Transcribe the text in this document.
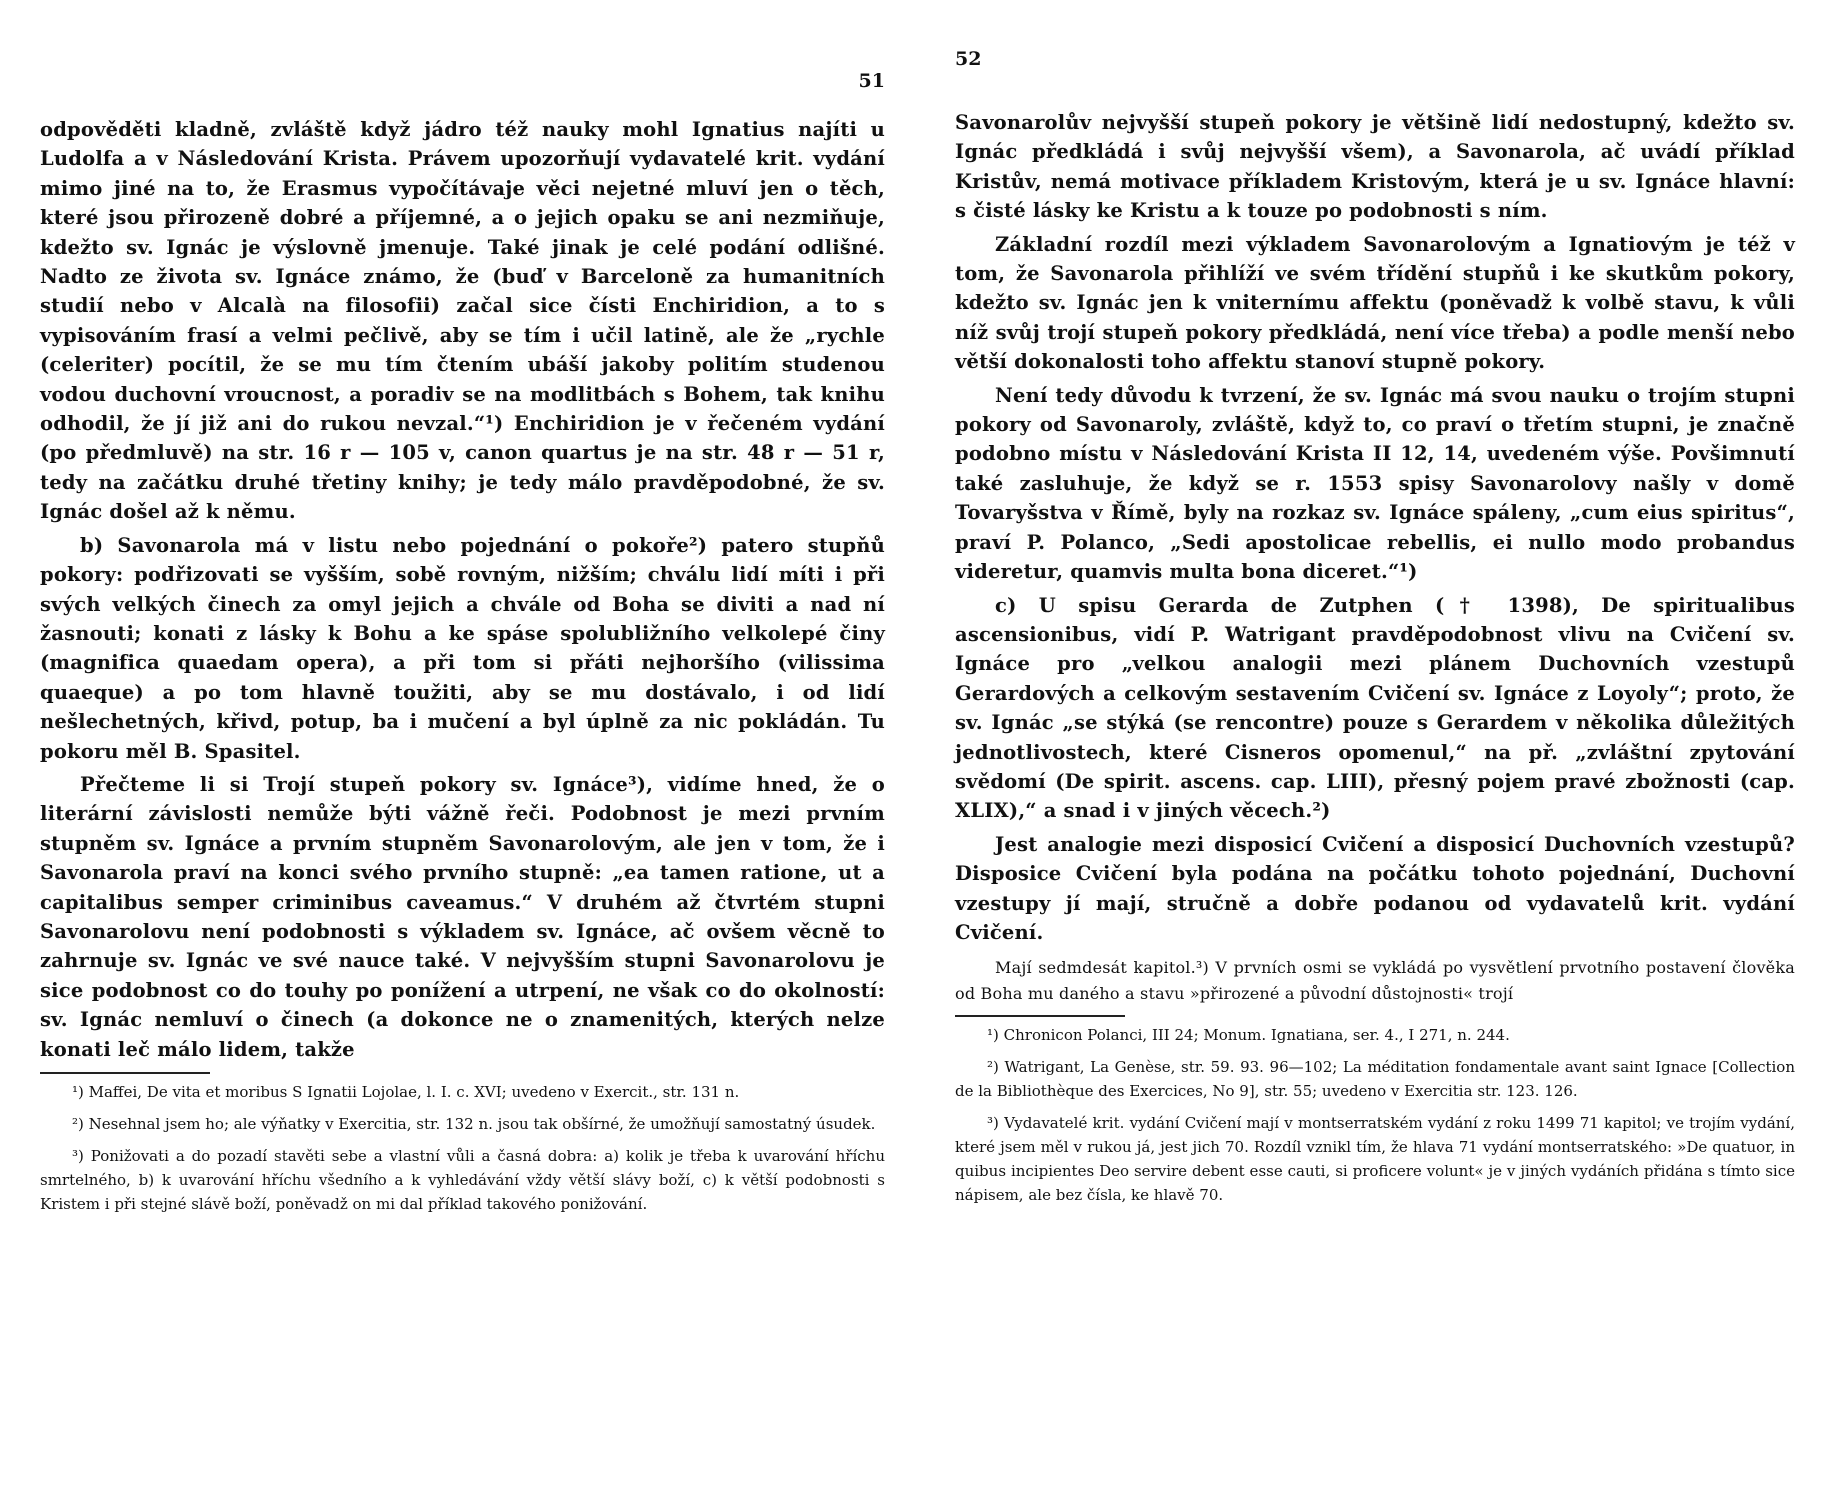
51

odpověděti kladně, zvláště když jádro též nauky mohl Ignatius najíti u Ludolfa a v Následování Krista. Právem upozorňují vydavatelé krit. vydání mimo jiné na to, že Erasmus vypočítávaje věci nejetné mluví jen o těch, které jsou přirozeně dobré a příjemné, a o jejich opaku se ani nezmiňuje, kdežto sv. Ignác je výslovně jmenuje. Také jinak je celé podání odlišné. Nadto ze života sv. Ignáce známo, že (buď v Barceloně za humanitních studií nebo v Alcalà na filosofii) začal sice čísti Enchiridion, a to s vypisováním frasí a velmi pečlivě, aby se tím i učil latině, ale že „rychle (celeriter) pocítil, že se mu tím čtením ubáší jakoby politím studenou vodou duchovní vroucnost, a poradiv se na modlitbách s Bohem, tak knihu odhodil, že jí již ani do rukou nevzal.“¹) Enchiridion je v řečeném vydání (po předmluvě) na str. 16 r — 105 v, canon quartus je na str. 48 r — 51 r, tedy na začátku druhé třetiny knihy; je tedy málo pravděpodobné, že sv. Ignác došel až k němu.

b) Savonarola má v listu nebo pojednání o pokoře²) patero stupňů pokory: podřizovati se vyšším, sobě rovným, nižším; chválu lidí míti i při svých velkých činech za omyl jejich a chvále od Boha se diviti a nad ní žasnouti; konati z lásky k Bohu a ke spáse spolubližního velkolepé činy (magnifica quaedam opera), a při tom si přáti nejhoršího (vilissima quaeque) a po tom hlavně toužiti, aby se mu dostávalo, i od lidí nešlechetných, křivd, potup, ba i mučení a byl úplně za nic pokládán. Tu pokoru měl B. Spasitel.

Přečteme li si Trojí stupeň pokory sv. Ignáce³), vidíme hned, že o literární závislosti nemůže býti vážně řeči. Podobnost je mezi prvním stupněm sv. Ignáce a prvním stupněm Savonarolovým, ale jen v tom, že i Savonarola praví na konci svého prvního stupně: „ea tamen ratione, ut a capitalibus semper criminibus caveamus.“ V druhém až čtvrtém stupni Savonarolovu není podobnosti s výkladem sv. Ignáce, ač ovšem věcně to zahrnuje sv. Ignác ve své nauce také. V nejvyšším stupni Savonarolovu je sice podobnost co do touhy po ponížení a utrpení, ne však co do okolností: sv. Ignác nemluví o činech (a dokonce ne o znamenitých, kterých nelze konati leč málo lidem, takže

¹) Maffei, De vita et moribus S Ignatii Lojolae, l. I. c. XVI; uvedeno v Exercit., str. 131 n.

²) Nesehnal jsem ho; ale výňatky v Exercitia, str. 132 n. jsou tak obšírné, že umožňují samostatný úsudek.

³) Ponižovati a do pozadí stavěti sebe a vlastní vůli a časná dobra: a) kolik je třeba k uvarování hříchu smrtelného, b) k uvarování hříchu všedního a k vyhledávání vždy větší slávy boží, c) k větší podobnosti s Kristem i při stejné slávě boží, poněvadž on mi dal příklad takového ponižování.

52

Savonarolův nejvyšší stupeň pokory je většině lidí nedostupný, kdežto sv. Ignác předkládá i svůj nejvyšší všem), a Savonarola, ač uvádí příklad Kristův, nemá motivace příkladem Kristovým, která je u sv. Ignáce hlavní: s čisté lásky ke Kristu a k touze po podobnosti s ním.

Základní rozdíl mezi výkladem Savonarolovým a Ignatiovým je též v tom, že Savonarola přihlíží ve svém třídění stupňů i ke skutkům pokory, kdežto sv. Ignác jen k vniternímu affektu (poněvadž k volbě stavu, k vůli níž svůj trojí stupeň pokory předkládá, není více třeba) a podle menší nebo větší dokonalosti toho affektu stanoví stupně pokory.

Není tedy důvodu k tvrzení, že sv. Ignác má svou nauku o trojím stupni pokory od Savonaroly, zvláště, když to, co praví o třetím stupni, je značně podobno místu v Následování Krista II 12, 14, uvedeném výše. Povšimnutí také zasluhuje, že když se r. 1553 spisy Savonarolovy našly v domě Tovaryšstva v Římě, byly na rozkaz sv. Ignáce spáleny, „cum eius spiritus“, praví P. Polanco, „Sedi apostolicae rebellis, ei nullo modo probandus videretur, quamvis multa bona diceret.“¹)

c) U spisu Gerarda de Zutphen († 1398), De spiritualibus ascensionibus, vidí P. Watrigant pravděpodobnost vlivu na Cvičení sv. Ignáce pro „velkou analogii mezi plánem Duchovních vzestupů Gerardových a celkovým sestavením Cvičení sv. Ignáce z Loyoly“; proto, že sv. Ignác „se stýká (se rencontre) pouze s Gerardem v několika důležitých jednotlivostech, které Cisneros opomenul,“ na př. „zvláštní zpytování svědomí (De spirit. ascens. cap. LIII), přesný pojem pravé zbožnosti (cap. XLIX),“ a snad i v jiných věcech.²)

Jest analogie mezi disposicí Cvičení a disposicí Duchovních vzestupů? Disposice Cvičení byla podána na počátku tohoto pojednání, Duchovní vzestupy jí mají, stručně a dobře podanou od vydavatelů krit. vydání Cvičení.

Mají sedmdesát kapitol.³) V prvních osmi se vykládá po vysvětlení prvotního postavení člověka od Boha mu daného a stavu »přirozené a původní důstojnosti« trojí

¹) Chronicon Polanci, III 24; Monum. Ignatiana, ser. 4., I 271, n. 244.

²) Watrigant, La Genèse, str. 59. 93. 96—102; La méditation fondamentale avant saint Ignace [Collection de la Bibliothèque des Exercices, No 9], str. 55; uvedeno v Exercitia str. 123. 126.

³) Vydavatelé krit. vydání Cvičení mají v montserratském vydání z roku 1499 71 kapitol; ve trojím vydání, které jsem měl v rukou já, jest jich 70. Rozdíl vznikl tím, že hlava 71 vydání montserratského: »De quatuor, in quibus incipientes Deo servire debent esse cauti, si proficere volunt« je v jiných vydáních přidána s tímto sice nápisem, ale bez čísla, ke hlavě 70.
